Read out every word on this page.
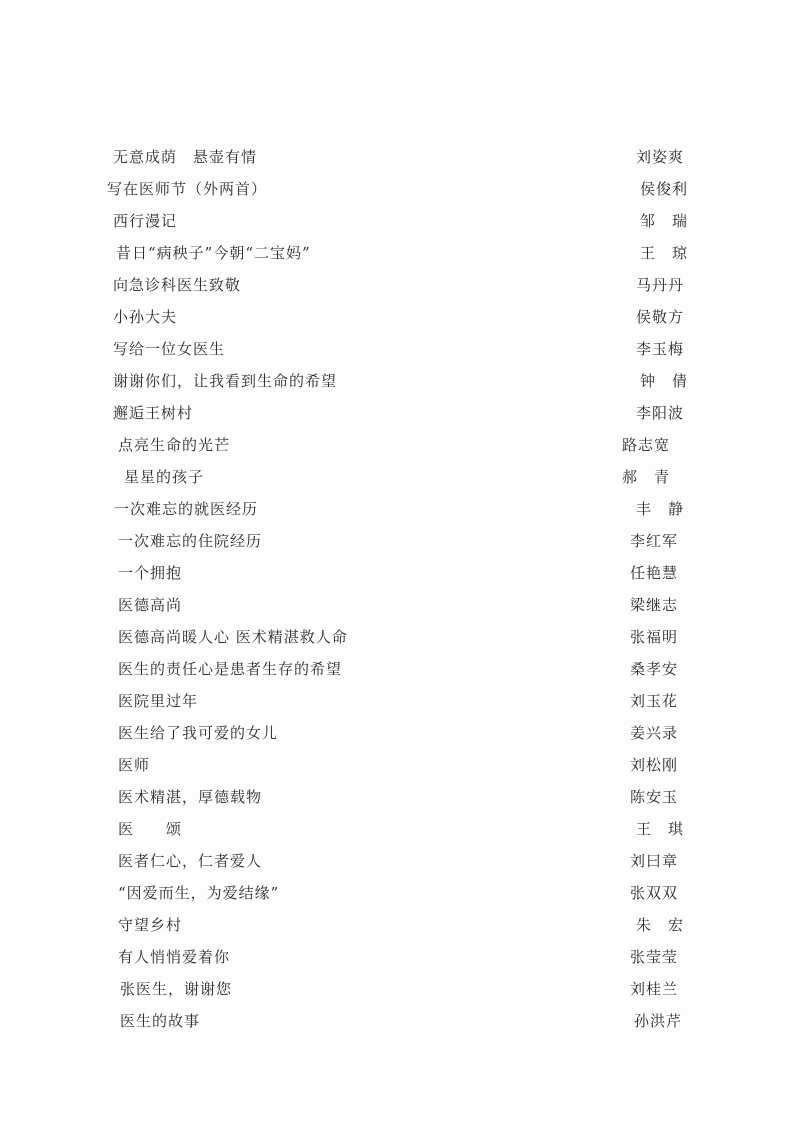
无意成荫　悬壶有情	刘姿爽
写在医师节（外两首）	侯俊利
西行漫记	邹　瑞
昔日“病秧子”今朝“二宝妈”	王　琼
向急诊科医生致敬	马丹丹
小孙大夫	侯敬方
写给一位女医生	李玉梅
谢谢你们，让我看到生命的希望	钟　倩
邂逅王树村	李阳波
点亮生命的光芒	路志宽
星星的孩子	郝　青
一次难忘的就医经历	丰　静
一次难忘的住院经历	李红军
一个拥抱	任艳慧
医德高尚	梁继志
医德高尚暖人心 医术精湛救人命	张福明
医生的责任心是患者生存的希望	桑孝安
医院里过年	刘玉花
医生给了我可爱的女儿	姜兴录
医师	刘松刚
医术精湛，厚德载物	陈安玉
医　　颂	王　琪
医者仁心，仁者爱人	刘曰章
“因爱而生，为爱结缘”	张双双
守望乡村	朱　宏
有人悄悄爱着你	张莹莹
张医生，谢谢您	刘桂兰
医生的故事	孙洪芹
